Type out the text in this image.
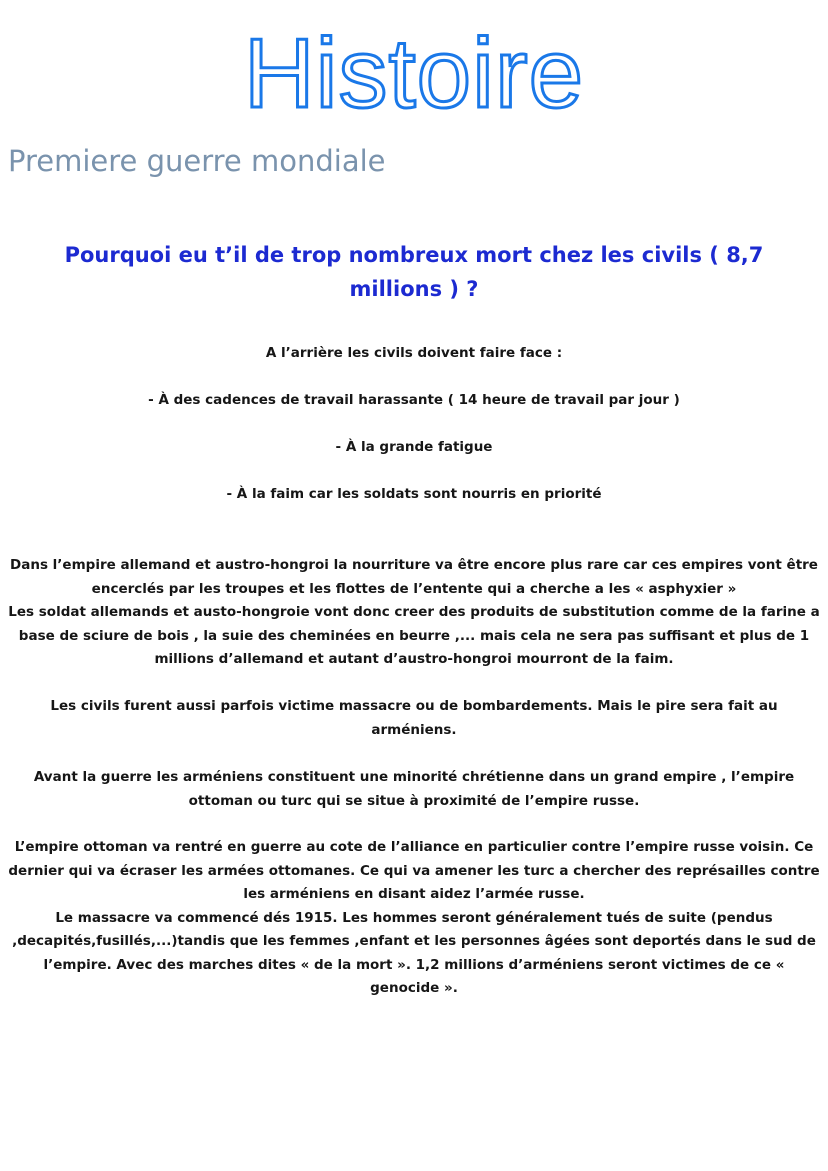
Histoire
Premiere guerre mondiale
Pourquoi eu t’il de trop nombreux mort chez les civils ( 8,7 millions ) ?
A l’arrière les civils doivent faire face :
- À des cadences de travail harassante ( 14 heure de travail par jour )
- À la grande fatigue
- À la faim car les soldats sont nourris en priorité
Dans l’empire allemand et austro-hongroi la nourriture va être encore plus rare car ces empires vont être encerclés par les troupes et les flottes de l’entente qui a cherche a les « asphyxier »
Les soldat allemands et austo-hongroie vont donc creer des produits de substitution comme de la farine a base de sciure de bois , la suie des cheminées en beurre ,... mais cela ne sera pas suffisant et plus de 1 millions d’allemand et autant d’austro-hongroi mourront de la faim.
Les civils furent aussi parfois victime massacre ou de bombardements. Mais le pire sera fait au arméniens.
Avant la guerre les arméniens constituent une minorité chrétienne dans un grand empire , l’empire ottoman ou turc qui se situe à proximité de l’empire russe.
L’empire ottoman va rentré en guerre au cote de l’alliance en particulier contre l’empire russe voisin. Ce dernier qui va écraser les armées ottomanes. Ce qui va amener les turc a chercher des représailles contre les arméniens en disant aidez l’armée russe.
Le massacre va commencé dés 1915. Les hommes seront généralement tués de suite (pendus ,decapités,fusillés,...)tandis que les femmes ,enfant et les personnes âgées sont deportés dans le sud de l’empire. Avec des marches dites « de la mort ». 1,2 millions d’arméniens seront victimes de ce « genocide ».
